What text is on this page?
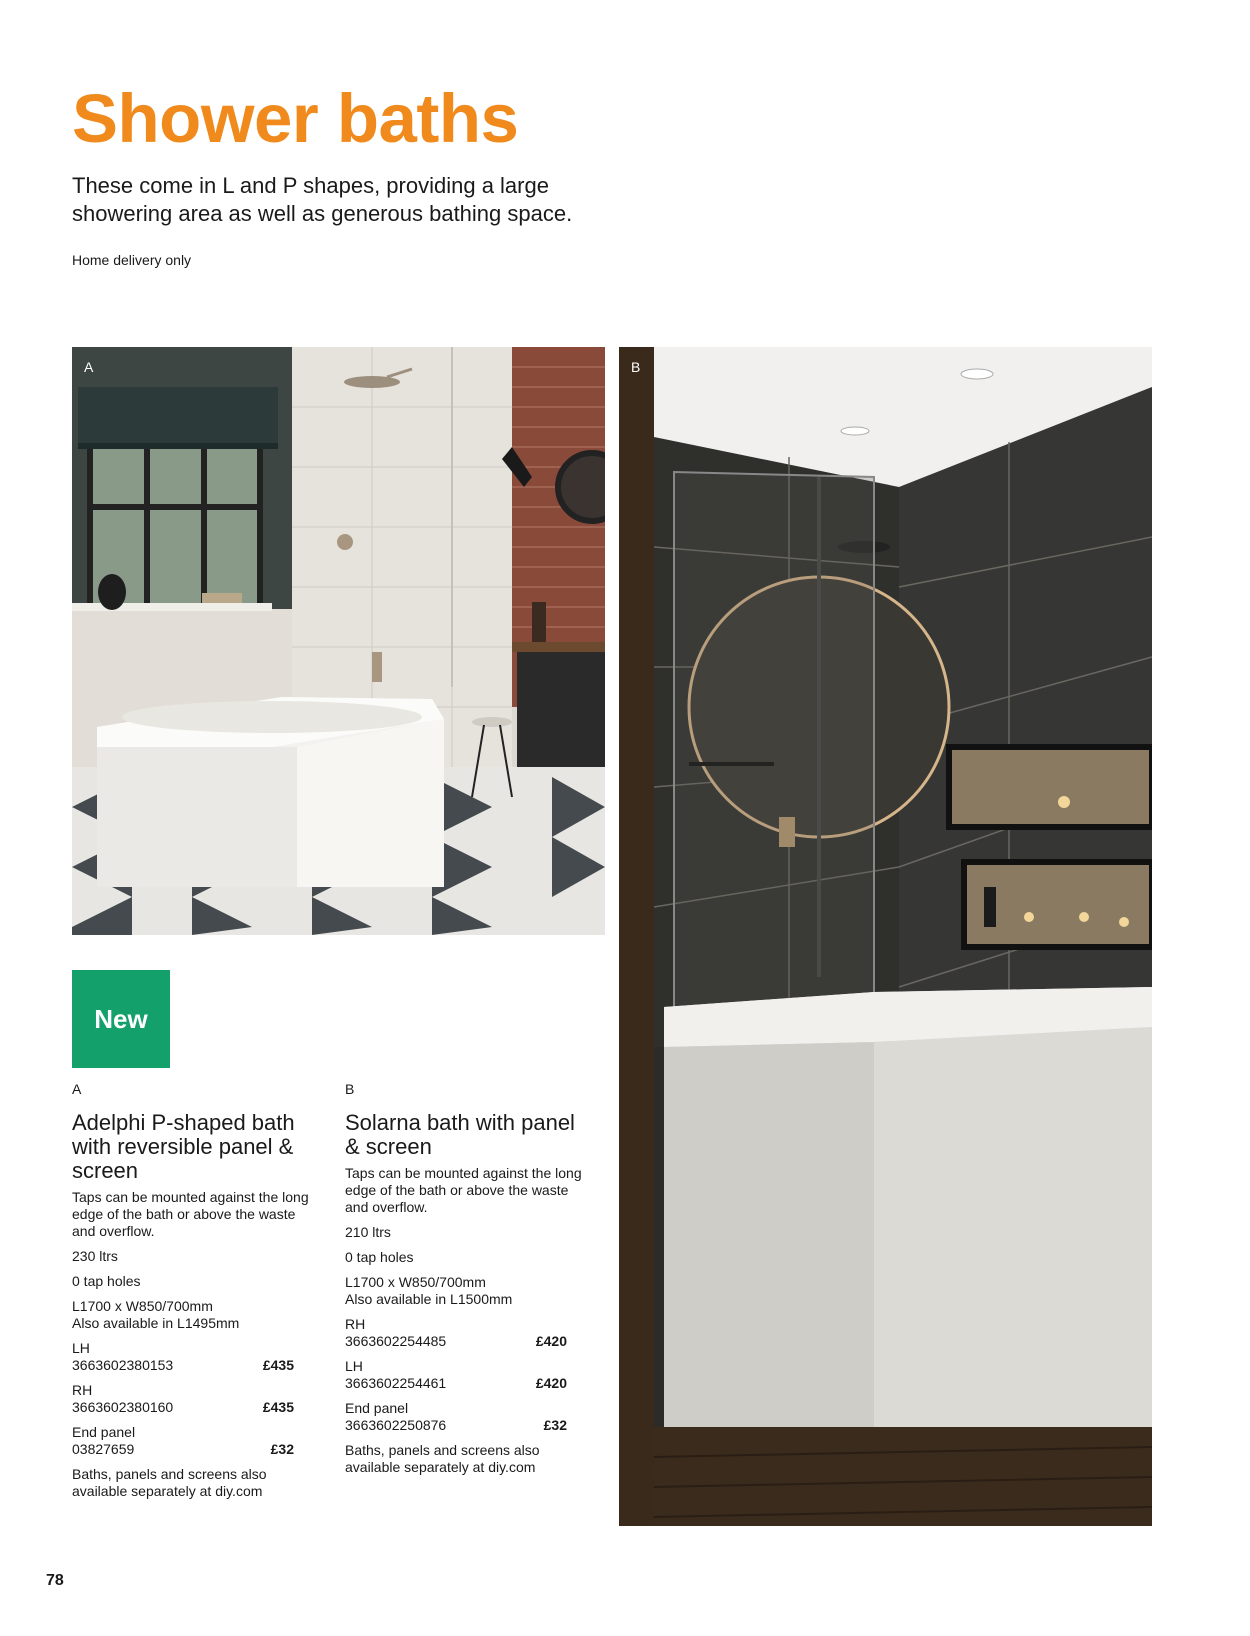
Shower baths
These come in L and P shapes, providing a large showering area as well as generous bathing space.
Home delivery only
A	B
New
A
Adelphi P-shaped bath with reversible panel & screen

Taps can be mounted against the long edge of the bath or above the waste and overflow.

230 ltrs

0 tap holes

L1700 x W850/700mm

Also available in L1495mm

LH

3663602380153	£435

RH

3663602380160	£435

End panel

03827659	£32

Baths, panels and screens also available separately at diy.com

B
Solarna bath with panel & screen

Taps can be mounted against the long edge of the bath or above the waste and overflow.

210 ltrs

0 tap holes

L1700 x W850/700mm

Also available in L1500mm

RH

3663602254485	£420

LH

3663602254461	£420

End panel

3663602250876	£32

Baths, panels and screens also available separately at diy.com

78
